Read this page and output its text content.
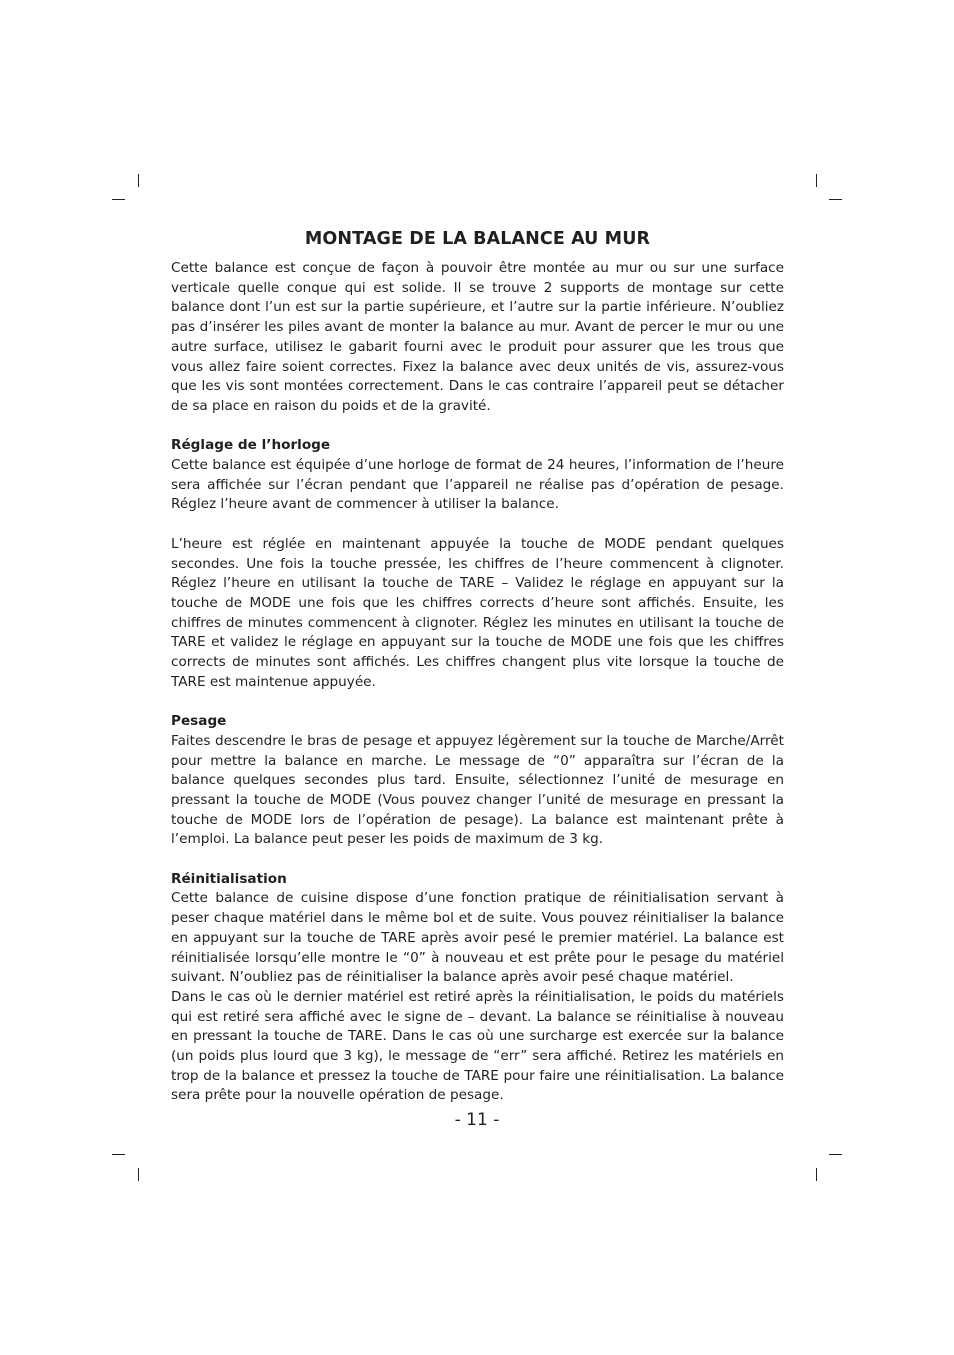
MONTAGE DE LA BALANCE AU MUR

Cette balance est conçue de façon à pouvoir être montée au mur ou sur une surface verticale quelle conque qui est solide. Il se trouve 2 supports de montage sur cette balance dont l’un est sur la partie supérieure, et l’autre sur la partie inférieure. N’oubliez pas d’insérer les piles avant de monter la balance au mur. Avant de percer le mur ou une autre surface, utilisez le gabarit fourni avec le produit pour assurer que les trous que vous allez faire soient correctes. Fixez la balance avec deux unités de vis, assurez-vous que les vis sont montées correctement. Dans le cas contraire l’appareil peut se détacher de sa place en raison du poids et de la gravité.

Réglage de l’horloge

Cette balance est équipée d’une horloge de format de 24 heures, l’information de l’heure sera affichée sur l’écran pendant que l’appareil ne réalise pas d’opération de pesage. Réglez l’heure avant de commencer à utiliser la balance.

L’heure est réglée en maintenant appuyée la touche de MODE pendant quelques secondes. Une fois la touche pressée, les chiffres de l’heure commencent à clignoter. Réglez l’heure en utilisant la touche de TARE – Validez le réglage en appuyant sur la touche de MODE une fois que les chiffres corrects d’heure sont affichés. Ensuite, les chiffres de minutes commencent à clignoter. Réglez les minutes en utilisant la touche de TARE et validez le réglage en appuyant sur la touche de MODE une fois que les chiffres corrects de minutes sont affichés. Les chiffres changent plus vite lorsque la touche de TARE est maintenue appuyée.

Pesage

Faites descendre le bras de pesage et appuyez légèrement sur la touche de Marche/Arrêt pour mettre la balance en marche. Le message de “0” apparaîtra sur l’écran de la balance quelques secondes plus tard. Ensuite, sélectionnez l’unité de mesurage en pressant la touche de MODE (Vous pouvez changer l’unité de mesurage en pressant la touche de MODE lors de l’opération de pesage). La balance est maintenant prête à l’emploi. La balance peut peser les poids de maximum de 3 kg.

Réinitialisation

Cette balance de cuisine dispose d’une fonction pratique de réinitialisation servant à peser chaque matériel dans le même bol et de suite. Vous pouvez réinitialiser la balance en appuyant sur la touche de TARE après avoir pesé le premier matériel. La balance est réinitialisée lorsqu’elle montre le “0” à nouveau et est prête pour le pesage du matériel suivant. N’oubliez pas de réinitialiser la balance après avoir pesé chaque matériel.

Dans le cas où le dernier matériel est retiré après la réinitialisation, le poids du matériels qui est retiré sera affiché avec le signe de – devant. La balance se réinitialise à nouveau en pressant la touche de TARE. Dans le cas où une surcharge est exercée sur la balance (un poids plus lourd que 3 kg), le message de “err” sera affiché. Retirez les matériels en trop de la balance et pressez la touche de TARE pour faire une réinitialisation. La balance sera prête pour la nouvelle opération de pesage.

- 11 -
